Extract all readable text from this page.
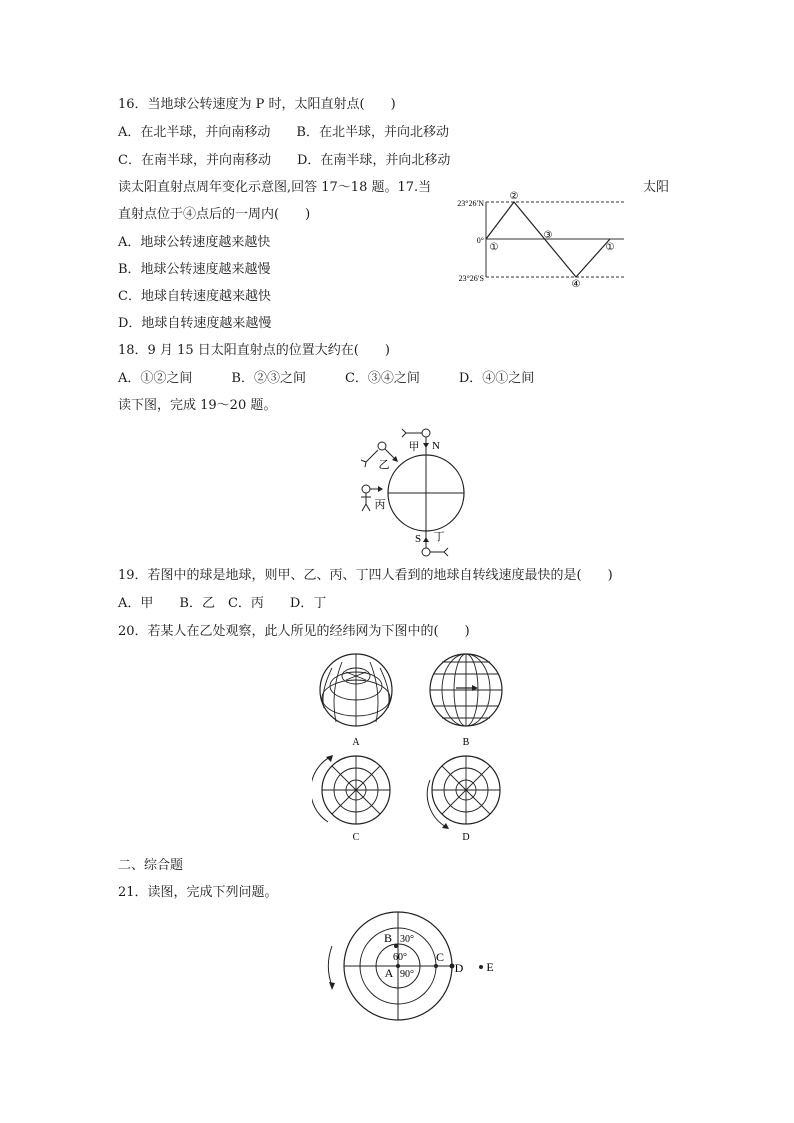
16．当地球公转速度为 P 时，太阳直射点(　　)
A．在北半球，并向南移动　　B．在北半球，并向北移动
C．在南半球，并向南移动　　D．在南半球，并向北移动
读太阳直射点周年变化示意图,回答 17～18 题。17.当	太阳
直射点位于④点后的一周内(　　)
A．地球公转速度越来越快
B．地球公转速度越来越慢
C．地球自转速度越来越快
D．地球自转速度越来越慢
23°26′N
0°
23°26′S
①
②
③
④
①
18．9 月 15 日太阳直射点的位置大约在(　　)
A．①②之间　　　B．②③之间　　　C．③④之间　　　D．④①之间
读下图，完成 19～20 题。
甲 N
乙
丙
S 丁
19．若图中的球是地球，则甲、乙、丙、丁四人看到的地球自转线速度最快的是(　　)
A．甲　　B．乙　C．丙　　D．丁
20．若某人在乙处观察，此人所见的经纬网为下图中的(　　)
A	B
C	D
二、综合题
21．读图，完成下列问题。
B 30°
60°
A 90°
C
D E
